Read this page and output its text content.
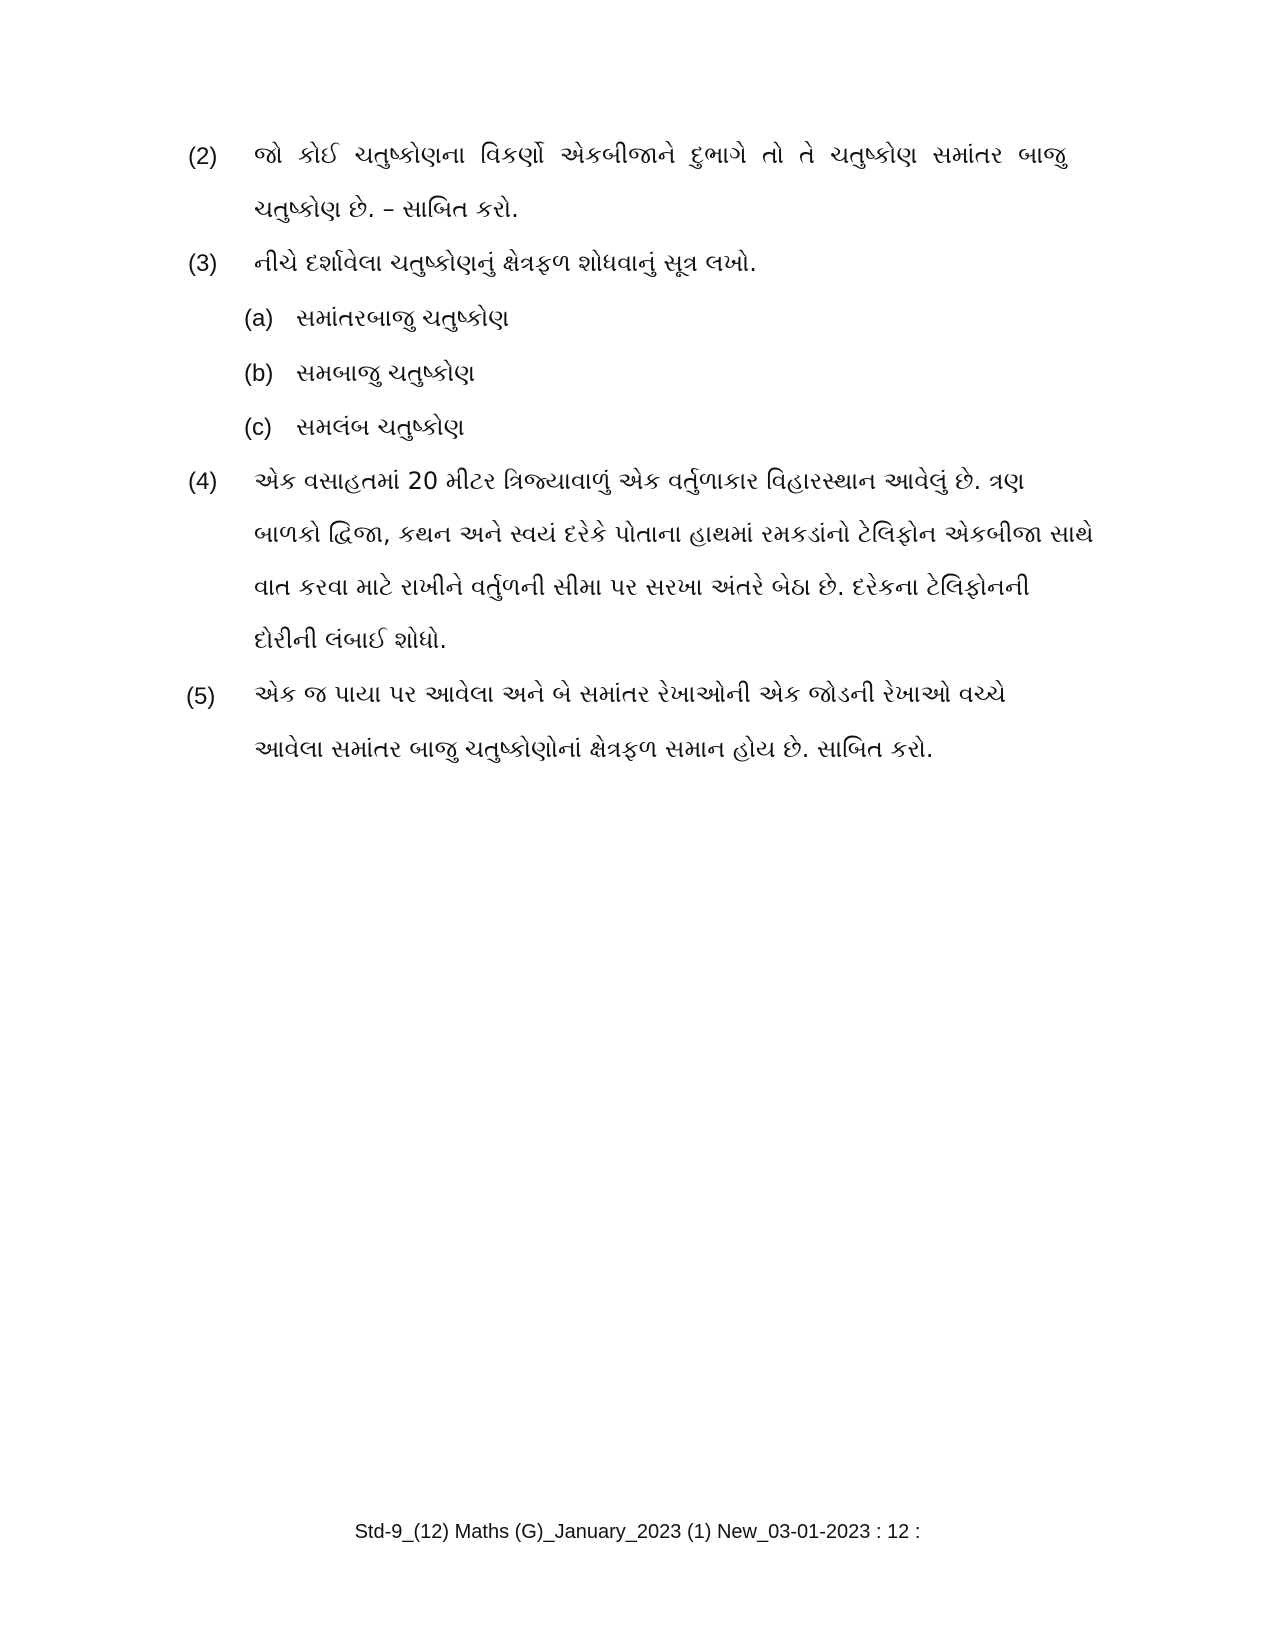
(2) જો કોઈ ચતુષ્કોણના વિકર્ણો એકબીજાને દુભાગે તો તે ચતુષ્કોણ સમાંતર બાજુ
ચતુષ્કોણ છે. – સાબિત કરો.
(3) નીચે દર્શાવેલા ચતુષ્કોણનું ક્ષેત્રફળ શોધવાનું સૂત્ર લખો.
(a) સમાંતરબાજુ ચતુષ્કોણ
(b) સમબાજુ ચતુષ્કોણ
(c) સમલંબ ચતુષ્કોણ
(4) એક વસાહતમાં 20 મીટર ત્રિજ્યાવાળું એક વર્તુળાકાર વિહારસ્થાન આવેલું છે. ત્રણ
બાળકો દ્વિજા, કથન અને સ્વયં દરેકે પોતાના હાથમાં રમકડાંનો ટેલિફોન એકબીજા સાથે
વાત કરવા માટે રાખીને વર્તુળની સીમા પર સરખા અંતરે બેઠા છે. દરેકના ટેલિફોનની
દોરીની લંબાઈ શોધો.
(5) એક જ પાયા પર આવેલા અને બે સમાંતર રેખાઓની એક જોડની રેખાઓ વચ્ચે
આવેલા સમાંતર બાજુ ચતુષ્કોણોનાં ક્ષેત્રફળ સમાન હોય છે. સાબિત કરો.
Std-9_(12) Maths (G)_January_2023 (1) New_03-01-2023 : 12 :
